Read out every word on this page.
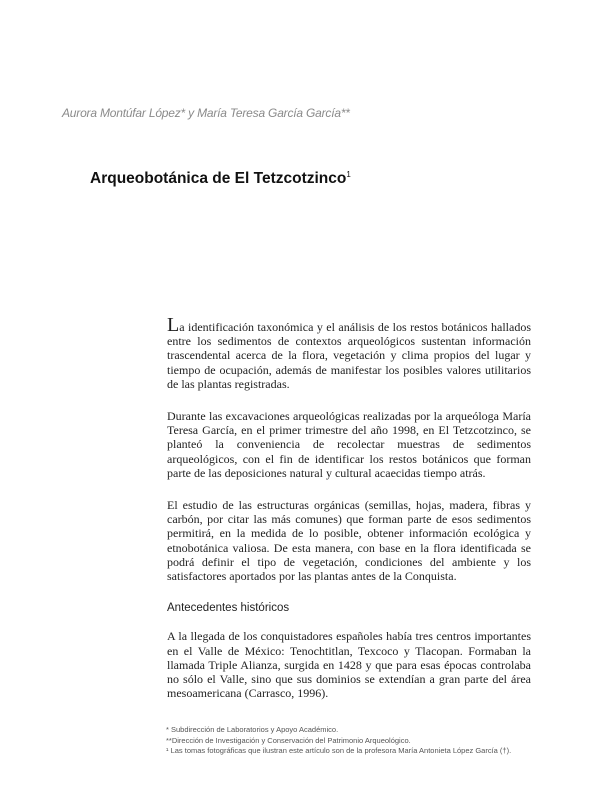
Aurora Montúfar López* y María Teresa García García**
Arqueobotánica de El Tetzcotzinco$^1$

La identificación taxonómica y el análisis de los restos botánicos hallados entre los sedimentos de contextos arqueológicos sustentan información trascendental acerca de la flora, vegetación y clima propios del lugar y tiempo de ocupación, además de manifestar los posibles valores utilitarios de las plantas registradas.

Durante las excavaciones arqueológicas realizadas por la arqueóloga María Teresa García, en el primer trimestre del año 1998, en El Tetzcotzinco, se planteó la conveniencia de recolectar muestras de sedimentos arqueológicos, con el fin de identificar los restos botánicos que forman parte de las deposiciones natural y cultural acaecidas tiempo atrás.

El estudio de las estructuras orgánicas (semillas, hojas, madera, fibras y carbón, por citar las más comunes) que forman parte de esos sedimentos permitirá, en la medida de lo posible, obtener información ecológica y etnobotánica valiosa. De esta manera, con base en la flora identificada se podrá definir el tipo de vegetación, condiciones del ambiente y los satisfactores aportados por las plantas antes de la Conquista.

Antecedentes históricos

A la llegada de los conquistadores españoles había tres centros importantes en el Valle de México: Tenochtitlan, Texcoco y Tlacopan. Formaban la llamada Triple Alianza, surgida en 1428 y que para esas épocas controlaba no sólo el Valle, sino que sus dominios se extendían a gran parte del área mesoamericana (Carrasco, 1996).

* Subdirección de Laboratorios y Apoyo Académico.
**Dirección de Investigación y Conservación del Patrimonio Arqueológico.
¹ Las tomas fotográficas que ilustran este artículo son de la profesora María Antonieta López García (†).
